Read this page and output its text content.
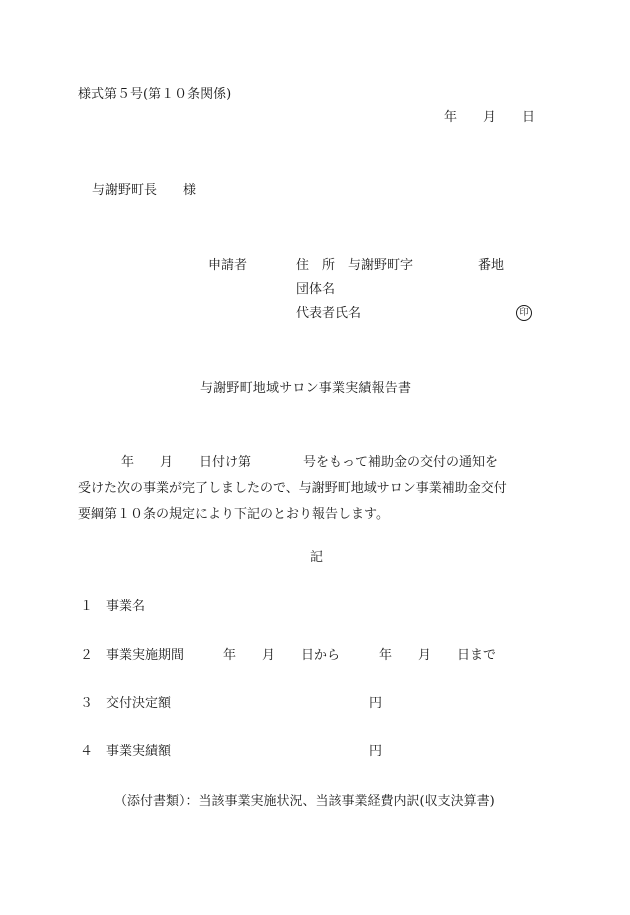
様式第５号(第１０条関係)
年　　月　　日
与謝野町長　　様
申請者	住　所　与謝野町字　　　　　番地
団体名
代表者氏名	印
与謝野町地域サロン事業実績報告書
年　　月　　日付け第　　　　号をもって補助金の交付の通知を
受けた次の事業が完了しましたので、与謝野町地域サロン事業補助金交付
要綱第１０条の規定により下記のとおり報告します。
記
１　事業名
２　事業実施期間　　　年　　月　　日から　　　年　　月　　日まで
３　交付決定額	円
４　事業実績額	円
（添付書類）：当該事業実施状況、当該事業経費内訳(収支決算書)
